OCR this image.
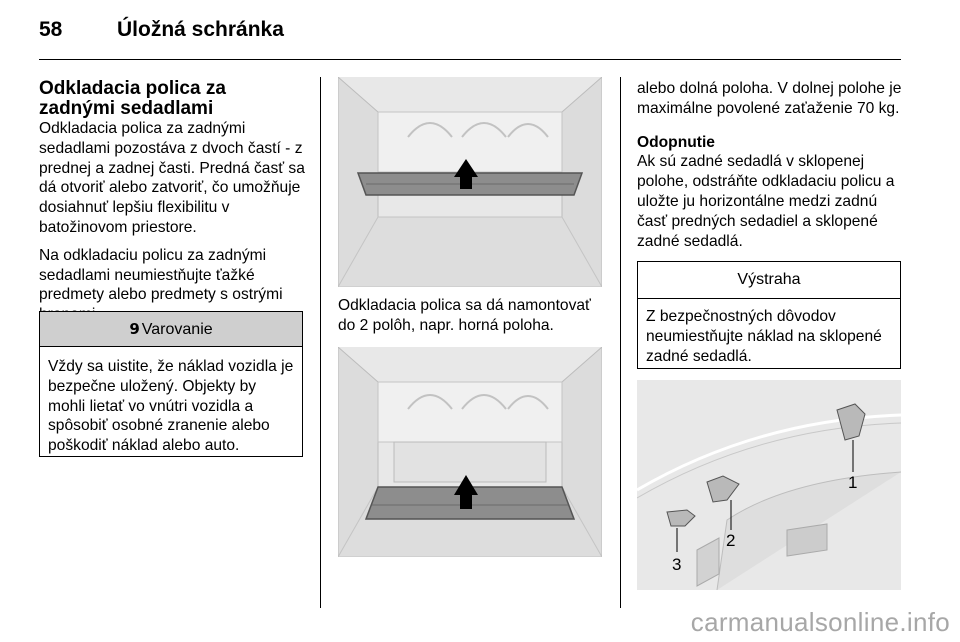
58	Úložná schránka
Odkladacia polica za zadnými sedadlami

Odkladacia polica za zadnými sedadlami pozostáva z dvoch častí - z prednej a zadnej časti. Predná časť sa dá otvoriť alebo zatvoriť, čo umožňuje dosiahnuť lepšiu flexibilitu v batožinovom priestore.

Na odkladaciu policu za zadnými sedadlami neumiestňujte ťažké predmety alebo predmety s ostrými

9 Varovanie
Vždy sa uistite, že náklad vozidla je bezpečne uložený. Objekty by mohli lietať vo vnútri vozidla a spôsobiť osobné zranenie alebo poškodiť náklad alebo auto.
Odkladacia polica sa dá namontovať do 2 polôh, napr. horná poloha.

alebo dolná poloha. V dolnej polohe je maximálne povolené zaťaženie 70 kg.

Odopnutie

Ak sú zadné sedadlá v sklopenej polohe, odstráňte odkladaciu policu a uložte ju horizontálne medzi zadnú časť predných sedadiel a sklopené zadné sedadlá.

Výstraha
Z bezpečnostných dôvodov neumiestňujte náklad na sklopené zadné sedadlá.
1
2
3
carmanualsonline.info
